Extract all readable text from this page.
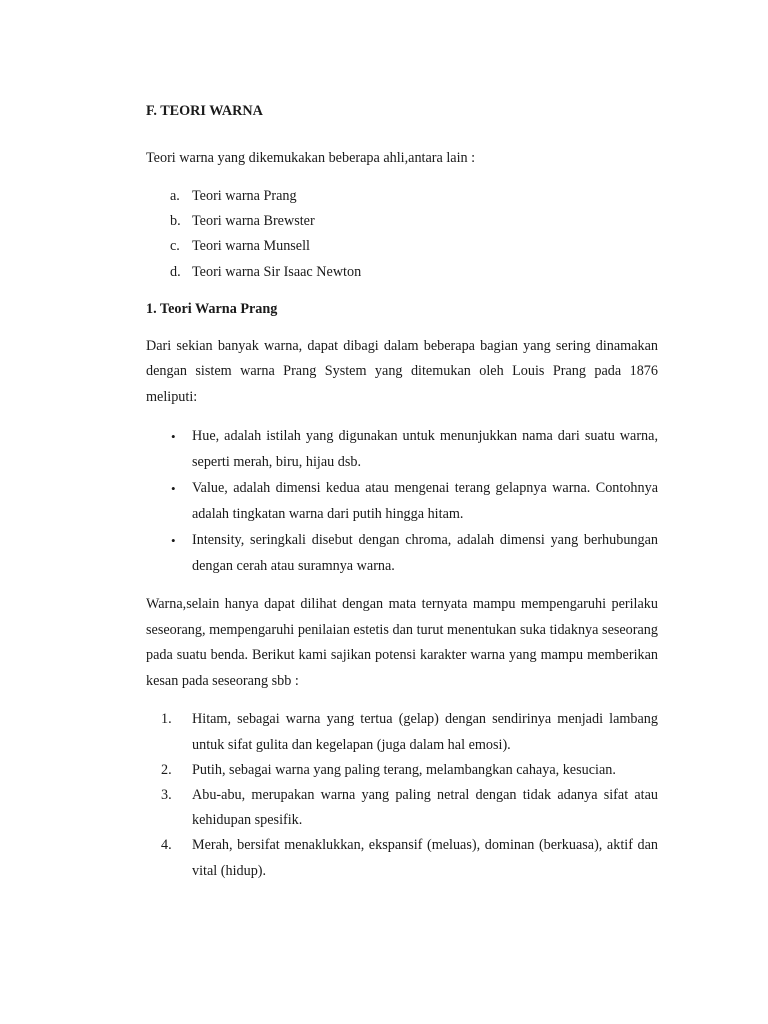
F. TEORI WARNA

Teori warna yang dikemukakan beberapa ahli,antara lain :

a. Teori warna Prang
b. Teori warna Brewster
c. Teori warna Munsell
d. Teori warna Sir Isaac Newton

1. Teori Warna Prang

Dari sekian banyak warna, dapat dibagi dalam beberapa bagian yang sering dinamakan dengan sistem warna Prang System yang ditemukan oleh Louis Prang pada 1876 meliputi:

•	Hue, adalah istilah yang digunakan untuk menunjukkan nama dari suatu warna, seperti merah, biru, hijau dsb.
•	Value, adalah dimensi kedua atau mengenai terang gelapnya warna. Contohnya adalah tingkatan warna dari putih hingga hitam.
•	Intensity, seringkali disebut dengan chroma, adalah dimensi yang berhubungan dengan cerah atau suramnya warna.

Warna,selain hanya dapat dilihat dengan mata ternyata mampu mempengaruhi perilaku seseorang, mempengaruhi penilaian estetis dan turut menentukan suka tidaknya seseorang pada suatu benda. Berikut kami sajikan potensi karakter warna yang mampu memberikan kesan pada seseorang sbb :

1.	Hitam, sebagai warna yang tertua (gelap) dengan sendirinya menjadi lambang untuk sifat gulita dan kegelapan (juga dalam hal emosi).
2.	Putih, sebagai warna yang paling terang, melambangkan cahaya, kesucian.
3.	Abu-abu, merupakan warna yang paling netral dengan tidak adanya sifat atau kehidupan spesifik.
4.	Merah, bersifat menaklukkan, ekspansif (meluas), dominan (berkuasa), aktif dan vital (hidup).
